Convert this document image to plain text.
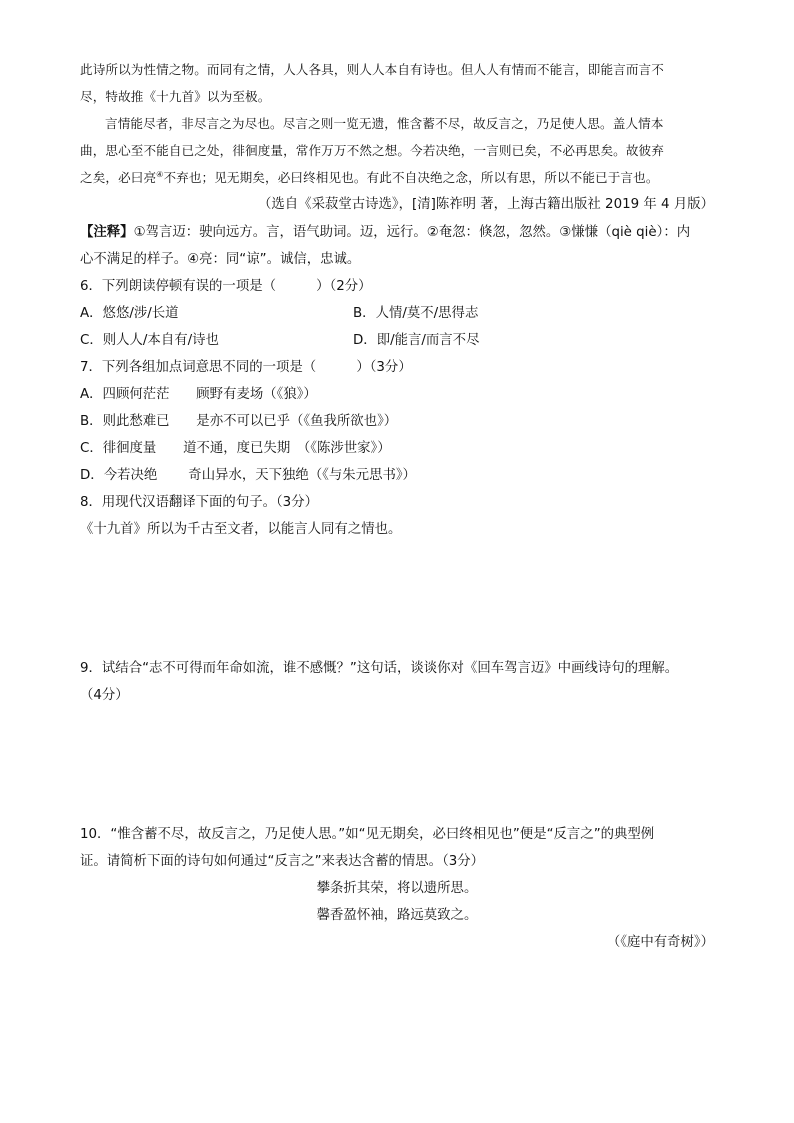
此诗所以为性情之物。而同有之情，人人各具，则人人本自有诗也。但人人有情而不能言，即能言而言不
尽，特故推《十九首》以为至极。
言情能尽者，非尽言之为尽也。尽言之则一览无遗，惟含蓄不尽，故反言之，乃足使人思。盖人情本
曲，思心至不能自已之处，徘徊度量，常作万万不然之想。今若决绝，一言则已矣，不必再思矣。故彼弃
之矣，必曰亮④不弃也；见无期矣，必曰终相见也。有此不自决绝之念，所以有思，所以不能已于言也。
（选自《采菽堂古诗选》，[清]陈祚明 著，上海古籍出版社 2019 年 4 月版）
【注释】①驾言迈：驶向远方。言，语气助词。迈，远行。②奄忽：倏忽，忽然。③慊慊（qiè qiè）：内
心不满足的样子。④亮：同“谅”。诚信，忠诚。
6．下列朗读停顿有误的一项是（　　　）（2分）
A．悠悠/涉/长道	B．人情/莫不/思得志
C．则人人/本自有/诗也	D．即/能言/而言不尽
7．下列各组加点词意思不同的一项是（　　　）（3分）
A．四顾何茫茫　　顾野有麦场（《狼》）
B．则此愁难已　　是亦不可以已乎（《鱼我所欲也》）
C．徘徊度量　　道不通，度已失期　（《陈涉世家》）
D．今若决绝　　 奇山异水，天下独绝（《与朱元思书》）
8．用现代汉语翻译下面的句子。（3分）
《十九首》所以为千古至文者，以能言人同有之情也。
9．试结合“志不可得而年命如流，谁不感慨？”这句话，谈谈你对《回车驾言迈》中画线诗句的理解。
（4分）
10．“惟含蓄不尽，故反言之，乃足使人思。”如“见无期矣，必曰终相见也”便是“反言之”的典型例
证。请简析下面的诗句如何通过“反言之”来表达含蓄的情思。（3分）
攀条折其荣，将以遗所思。
馨香盈怀袖，路远莫致之。
（《庭中有奇树》）
